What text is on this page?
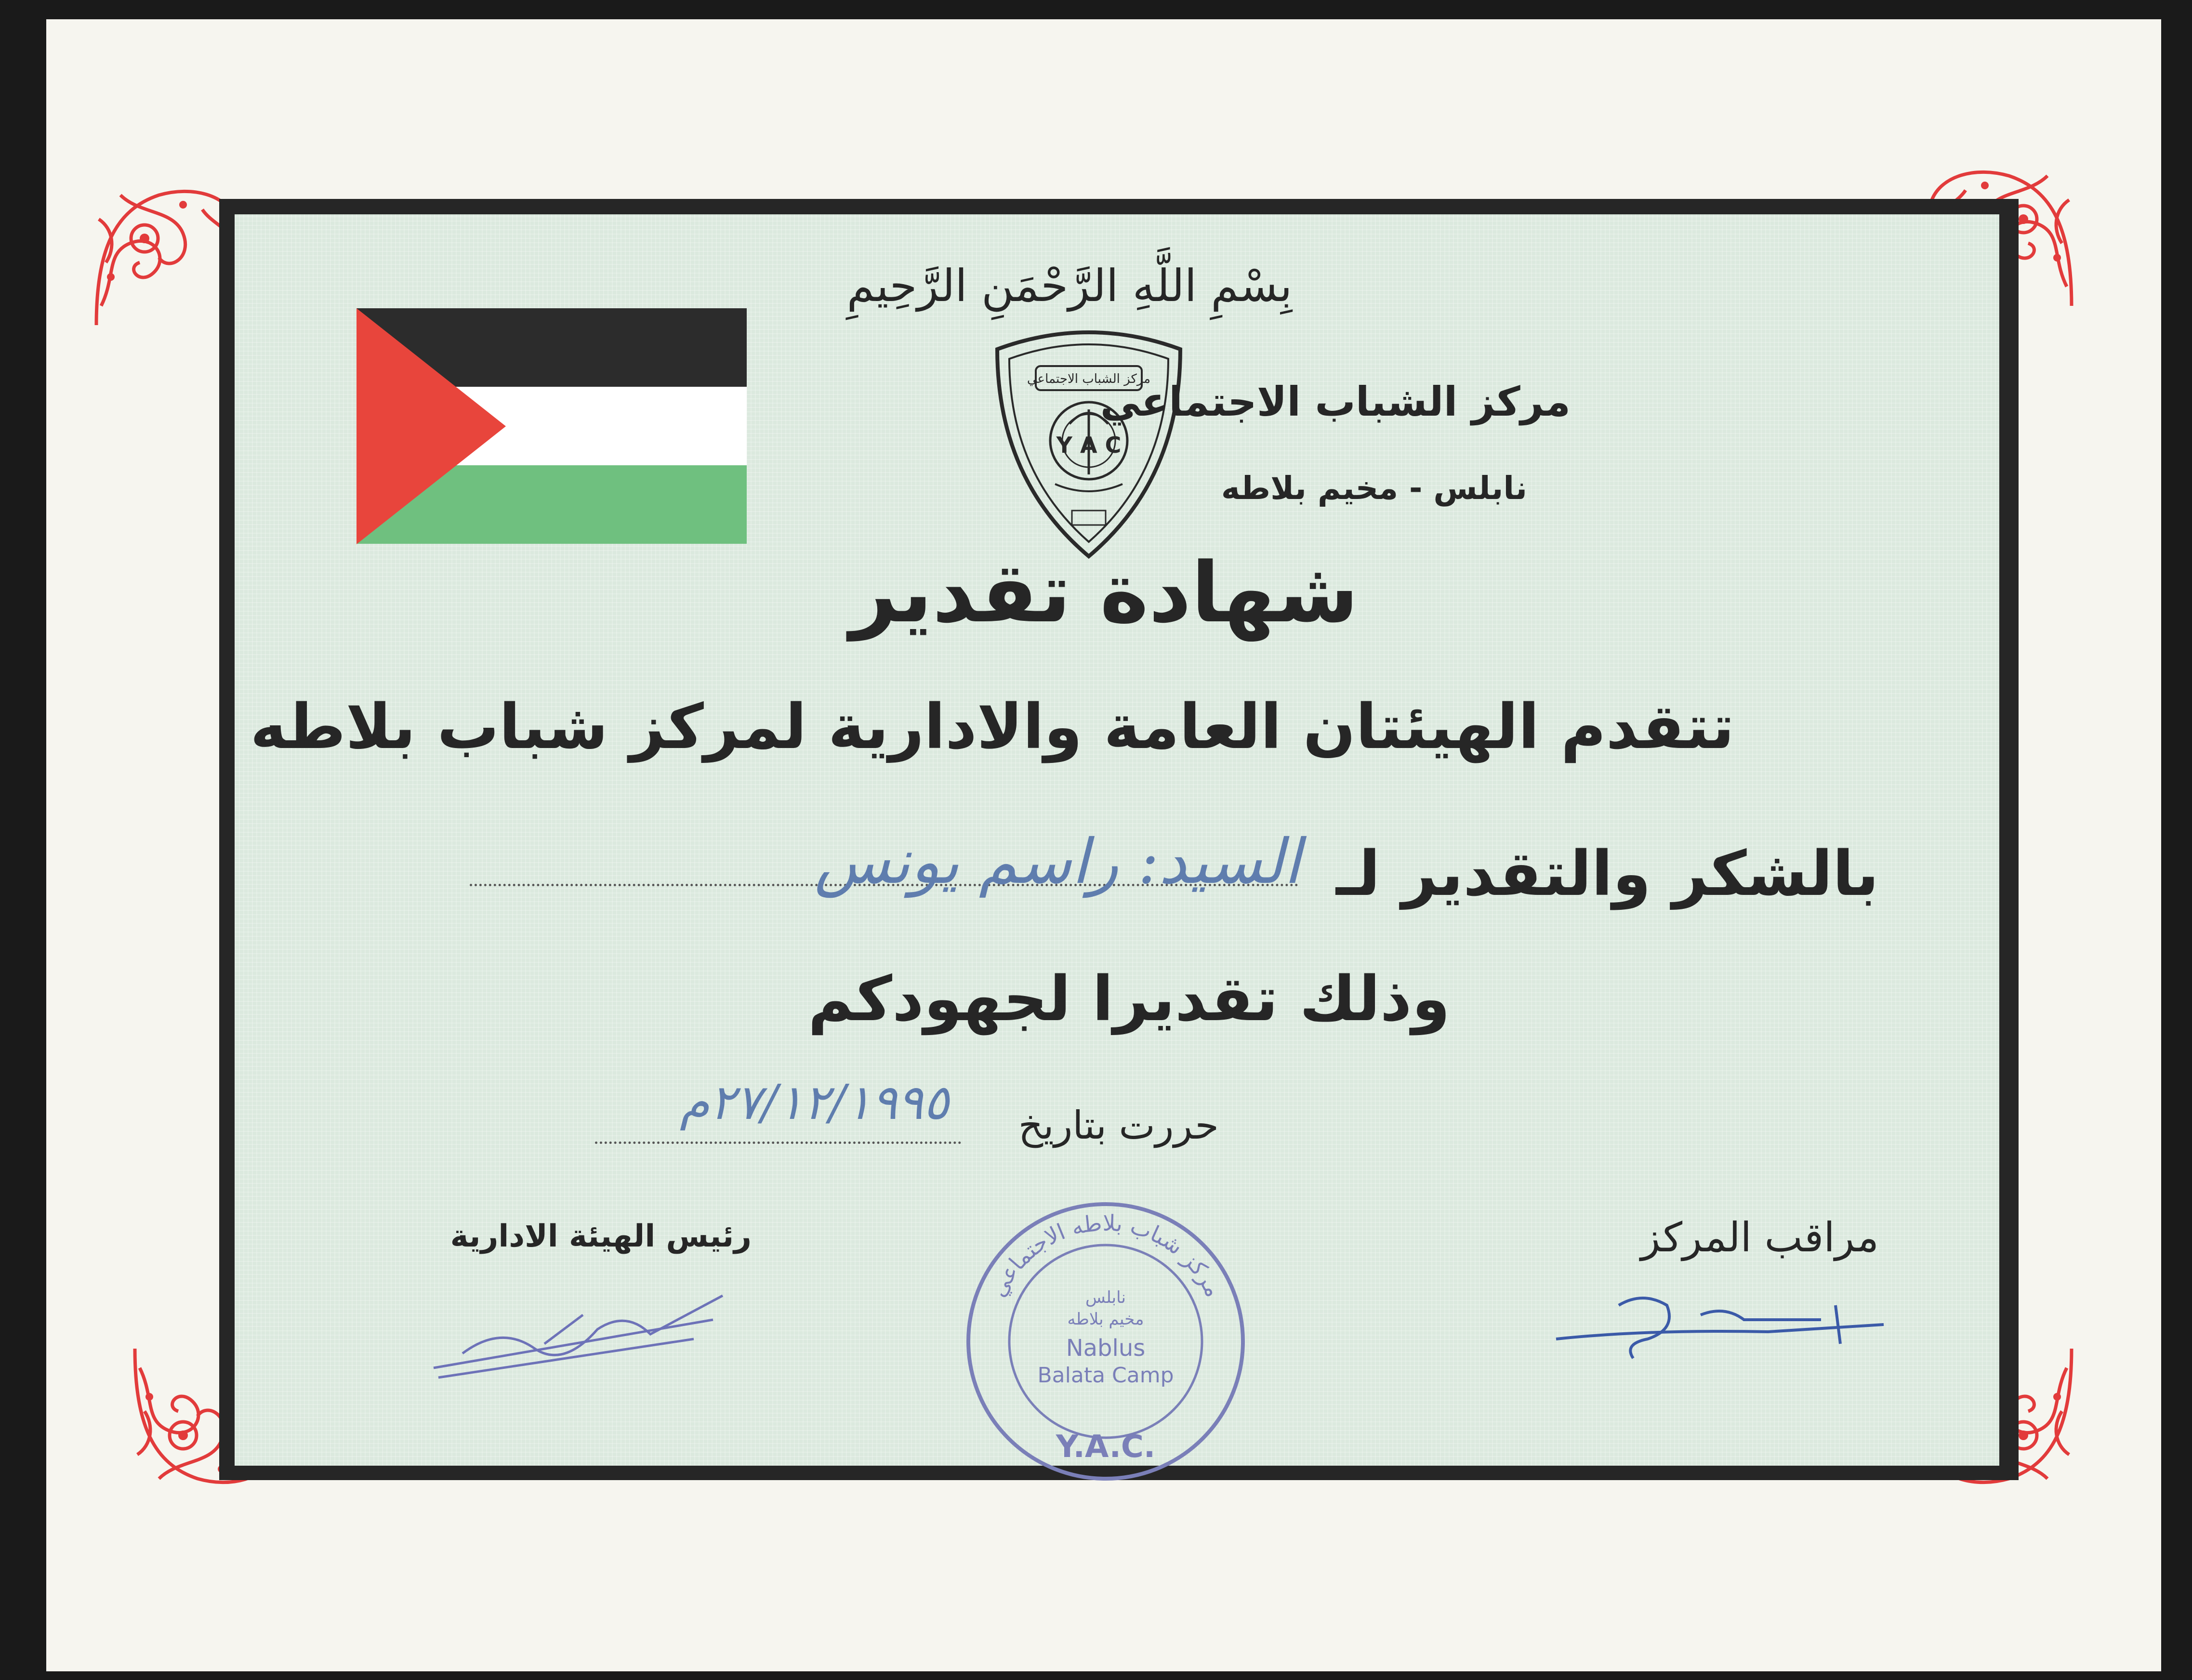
بِسْمِ اللَّهِ الرَّحْمَنِ الرَّحِيمِ
مركز الشباب الاجتماعي
Y A C
مركز الشباب الاجتماعي
نابلس - مخيم بلاطه
شهادة تقدير
تتقدم الهيئتان العامة والادارية لمركز شباب بلاطه
بالشكر والتقدير لـ
السيد: راسم يونس
وذلك تقديرا لجهودكم
حررت بتاريخ
٢٧/١٢/١٩٩٥م
رئيس الهيئة الادارية	مراقب المركز
مركز شباب بلاطه الاجتماعي
نابلس
مخيم بلاطه
Nablus
Balata Camp
Y.A.C.
